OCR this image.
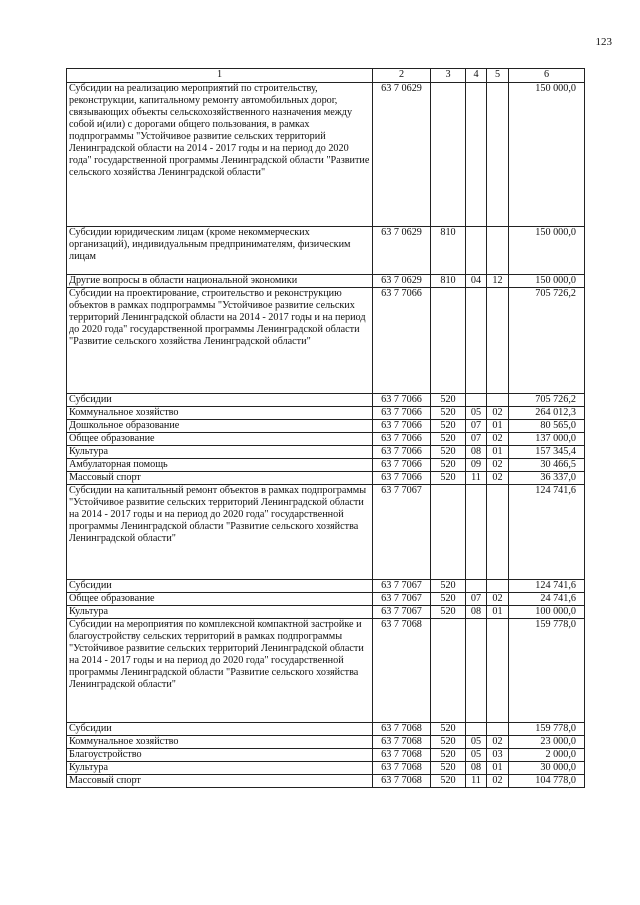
123
1	2	3	4	5	6
Субсидии на реализацию мероприятий по строительству, реконструкции, капитальному ремонту автомобильных дорог, связывающих объекты сельскохозяйственного назначения между собой и(или) с дорогами общего пользования, в рамках подпрограммы "Устойчивое развитие сельских территорий Ленинградской области на 2014 - 2017 годы и на период до 2020 года" государственной программы Ленинградской области "Развитие сельского хозяйства Ленинградской области"	63 7 0629				150 000,0
Субсидии юридическим лицам (кроме некоммерческих организаций), индивидуальным предпринимателям, физическим лицам	63 7 0629	810			150 000,0
Другие вопросы в области национальной экономики	63 7 0629	810	04	12	150 000,0
Субсидии на проектирование, строительство и реконструкцию объектов в рамках подпрограммы "Устойчивое развитие сельских территорий Ленинградской области на 2014 - 2017 годы и на период до 2020 года" государственной программы Ленинградской области "Развитие сельского хозяйства Ленинградской области"	63 7 7066				705 726,2
Субсидии	63 7 7066	520			705 726,2
Коммунальное хозяйство	63 7 7066	520	05	02	264 012,3
Дошкольное образование	63 7 7066	520	07	01	80 565,0
Общее образование	63 7 7066	520	07	02	137 000,0
Культура	63 7 7066	520	08	01	157 345,4
Амбулаторная помощь	63 7 7066	520	09	02	30 466,5
Массовый спорт	63 7 7066	520	11	02	36 337,0
Субсидии на капитальный ремонт объектов в рамках подпрограммы "Устойчивое развитие сельских территорий Ленинградской области на 2014 - 2017 годы и на период до 2020 года" государственной программы Ленинградской области "Развитие сельского хозяйства Ленинградской области"	63 7 7067				124 741,6
Субсидии	63 7 7067	520			124 741,6
Общее образование	63 7 7067	520	07	02	24 741,6
Культура	63 7 7067	520	08	01	100 000,0
Субсидии на мероприятия по комплексной компактной застройке и благоустройству сельских территорий в рамках подпрограммы "Устойчивое развитие сельских территорий Ленинградской области на 2014 - 2017 годы и на период до 2020 года" государственной программы Ленинградской области "Развитие сельского хозяйства Ленинградской области"	63 7 7068				159 778,0
Субсидии	63 7 7068	520			159 778,0
Коммунальное хозяйство	63 7 7068	520	05	02	23 000,0
Благоустройство	63 7 7068	520	05	03	2 000,0
Культура	63 7 7068	520	08	01	30 000,0
Массовый спорт	63 7 7068	520	11	02	104 778,0
